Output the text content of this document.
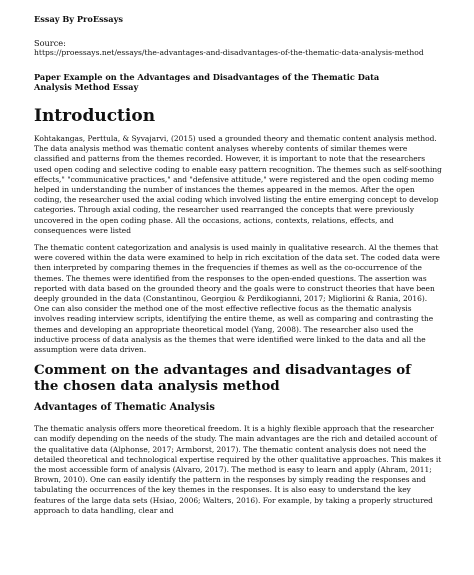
Essay By ProEssays
Source:
https://proessays.net/essays/the-advantages-and-disadvantages-of-the-thematic-data-analysis-method
Paper Example on the Advantages and Disadvantages of the Thematic Data Analysis Method Essay
Introduction

Kohtakangas, Perttula, & Syvajarvi, (2015) used a grounded theory and thematic content analysis method. The data analysis method was thematic content analyses whereby contents of similar themes were classified and patterns from the themes recorded. However, it is important to note that the researchers used open coding and selective coding to enable easy pattern recognition. The themes such as self-soothing effects," "communicative practices," and "defensive attitude," were registered and the open coding memo helped in understanding the number of instances the themes appeared in the memos. After the open coding, the researcher used the axial coding which involved listing the entire emerging concept to develop categories. Through axial coding, the researcher used rearranged the concepts that were previously uncovered in the open coding phase. All the occasions, actions, contexts, relations, effects, and consequences were listed

The thematic content categorization and analysis is used mainly in qualitative research. Al the themes that were covered within the data were examined to help in rich excitation of the data set. The coded data were then interpreted by comparing themes in the frequencies if themes as well as the co-occurrence of the themes. The themes were identified from the responses to the open-ended questions. The assertion was reported with data based on the grounded theory and the goals were to construct theories that have been deeply grounded in the data (Constantinou, Georgiou & Perdikogianni, 2017; Migliorini & Rania, 2016). One can also consider the method one of the most effective reflective focus as the thematic analysis involves reading interview scripts, identifying the entire theme, as well as comparing and contrasting the themes and developing an appropriate theoretical model (Yang, 2008). The researcher also used the inductive process of data analysis as the themes that were identified were linked to the data and all the assumption were data driven.

Comment on the advantages and disadvantages of the chosen data analysis method
Advantages of Thematic Analysis

The thematic analysis offers more theoretical freedom. It is a highly flexible approach that the researcher can modify depending on the needs of the study. The main advantages are the rich and detailed account of the qualitative data (Alphonse, 2017; Armborst, 2017). The thematic content analysis does not need the detailed theoretical and technological expertise required by the other qualitative approaches. This makes it the most accessible form of analysis (Alvaro, 2017). The method is easy to learn and apply (Ahram, 2011; Brown, 2010). One can easily identify the pattern in the responses by simply reading the responses and tabulating the occurrences of the key themes in the responses. It is also easy to understand the key features of the large data sets (Hsiao, 2006; Walters, 2016). For example, by taking a properly structured approach to data handling, clear and
